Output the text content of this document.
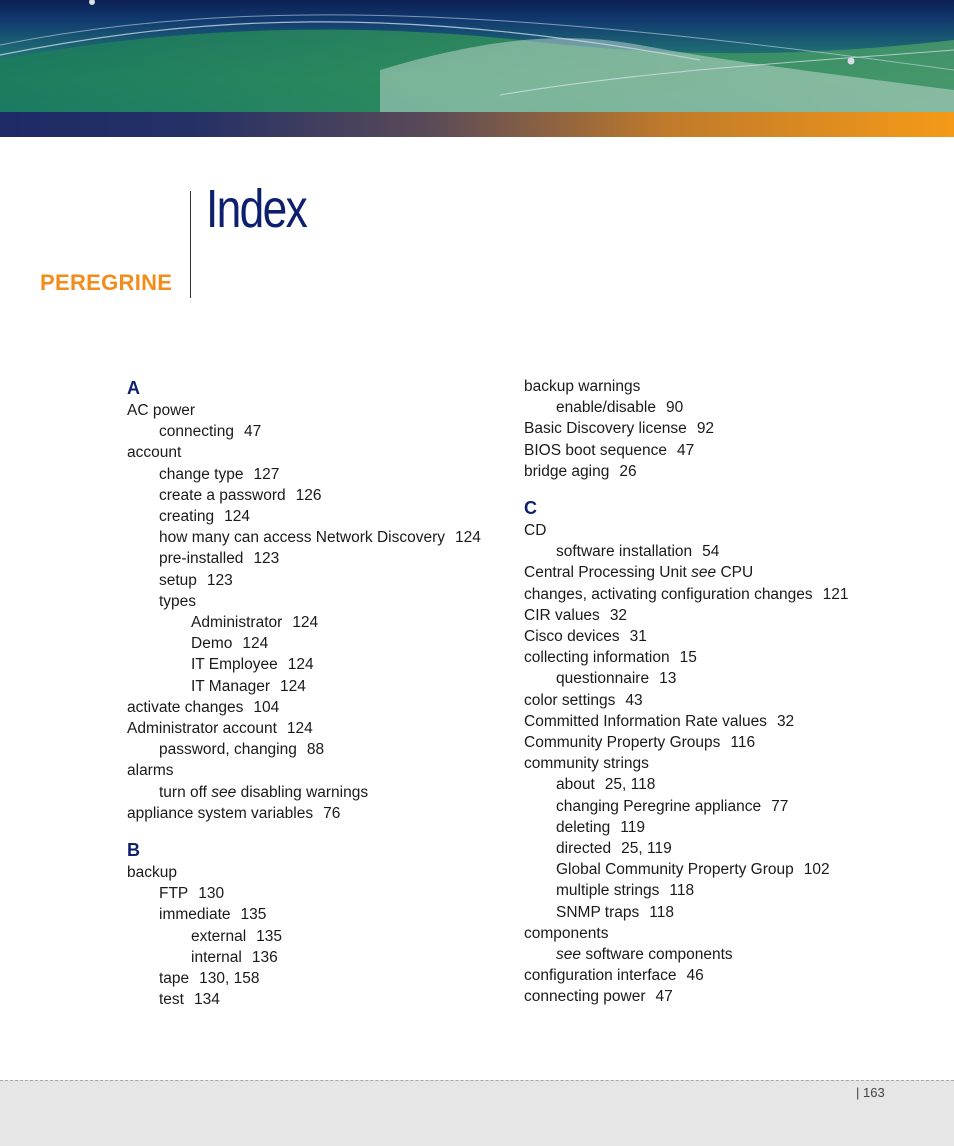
Index
PEREGRINE
A
AC power
connecting 47
account
change type 127
create a password 126
creating 124
how many can access Network Discovery 124
pre-installed 123
setup 123
types
Administrator 124
Demo 124
IT Employee 124
IT Manager 124
activate changes 104
Administrator account 124
password, changing 88
alarms
turn off see disabling warnings
appliance system variables 76
B
backup
FTP 130
immediate 135
external 135
internal 136
tape 130, 158
test 134
backup warnings
enable/disable 90
Basic Discovery license 92
BIOS boot sequence 47
bridge aging 26
C
CD
software installation 54
Central Processing Unit see CPU
changes, activating configuration changes 121
CIR values 32
Cisco devices 31
collecting information 15
questionnaire 13
color settings 43
Committed Information Rate values 32
Community Property Groups 116
community strings
about 25, 118
changing Peregrine appliance 77
deleting 119
directed 25, 119
Global Community Property Group 102
multiple strings 118
SNMP traps 118
components
see software components
configuration interface 46
connecting power 47
| 163
